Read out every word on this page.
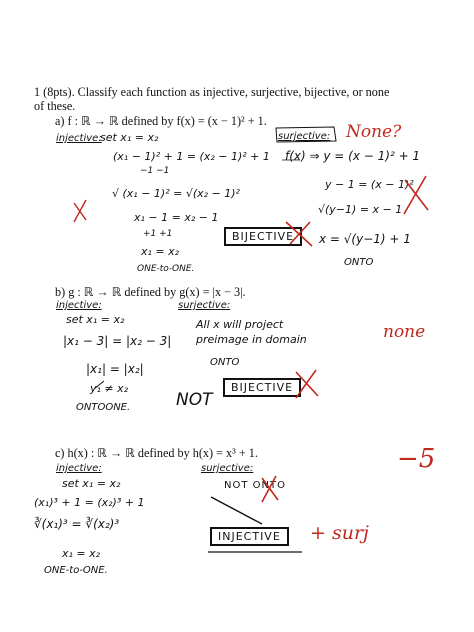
1 (8pts). Classify each function as injective, surjective, bijective, or none
of these.
a) f : ℝ → ℝ defined by f(x) = (x − 1)² + 1.
injective:
set x₁ = x₂
(x₁ − 1)² + 1 = (x₂ − 1)² + 1
−1 −1
√ (x₁ − 1)² = √(x₂ − 1)²
x₁ − 1 = x₂ − 1
+1 +1
x₁ = x₂
ONE-to-ONE.
surjective:
f(x) ⇒ y = (x − 1)² + 1
y − 1 = (x − 1)²
√(y−1) = x − 1
x = √(y−1) + 1
ONTO
BIJECTIVE
None?
b) g : ℝ → ℝ defined by g(x) = |x − 3|.
injective:
set x₁ = x₂
|x₁ − 3| = |x₂ − 3|
|x₁| = |x₂|
y₁ ≠ x₂
ONTOONE.
surjective:
All x will project
preimage in domain
ONTO
NOT
BIJECTIVE
none
c) h(x) : ℝ → ℝ defined by h(x) = x³ + 1.
injective:
set x₁ = x₂
(x₁)³ + 1 = (x₂)³ + 1
∛(x₁)³ = ∛(x₂)³
x₁ = x₂
ONE-to-ONE.
surjective:
NOT ONTO
INJECTIVE	+ surj
−5
